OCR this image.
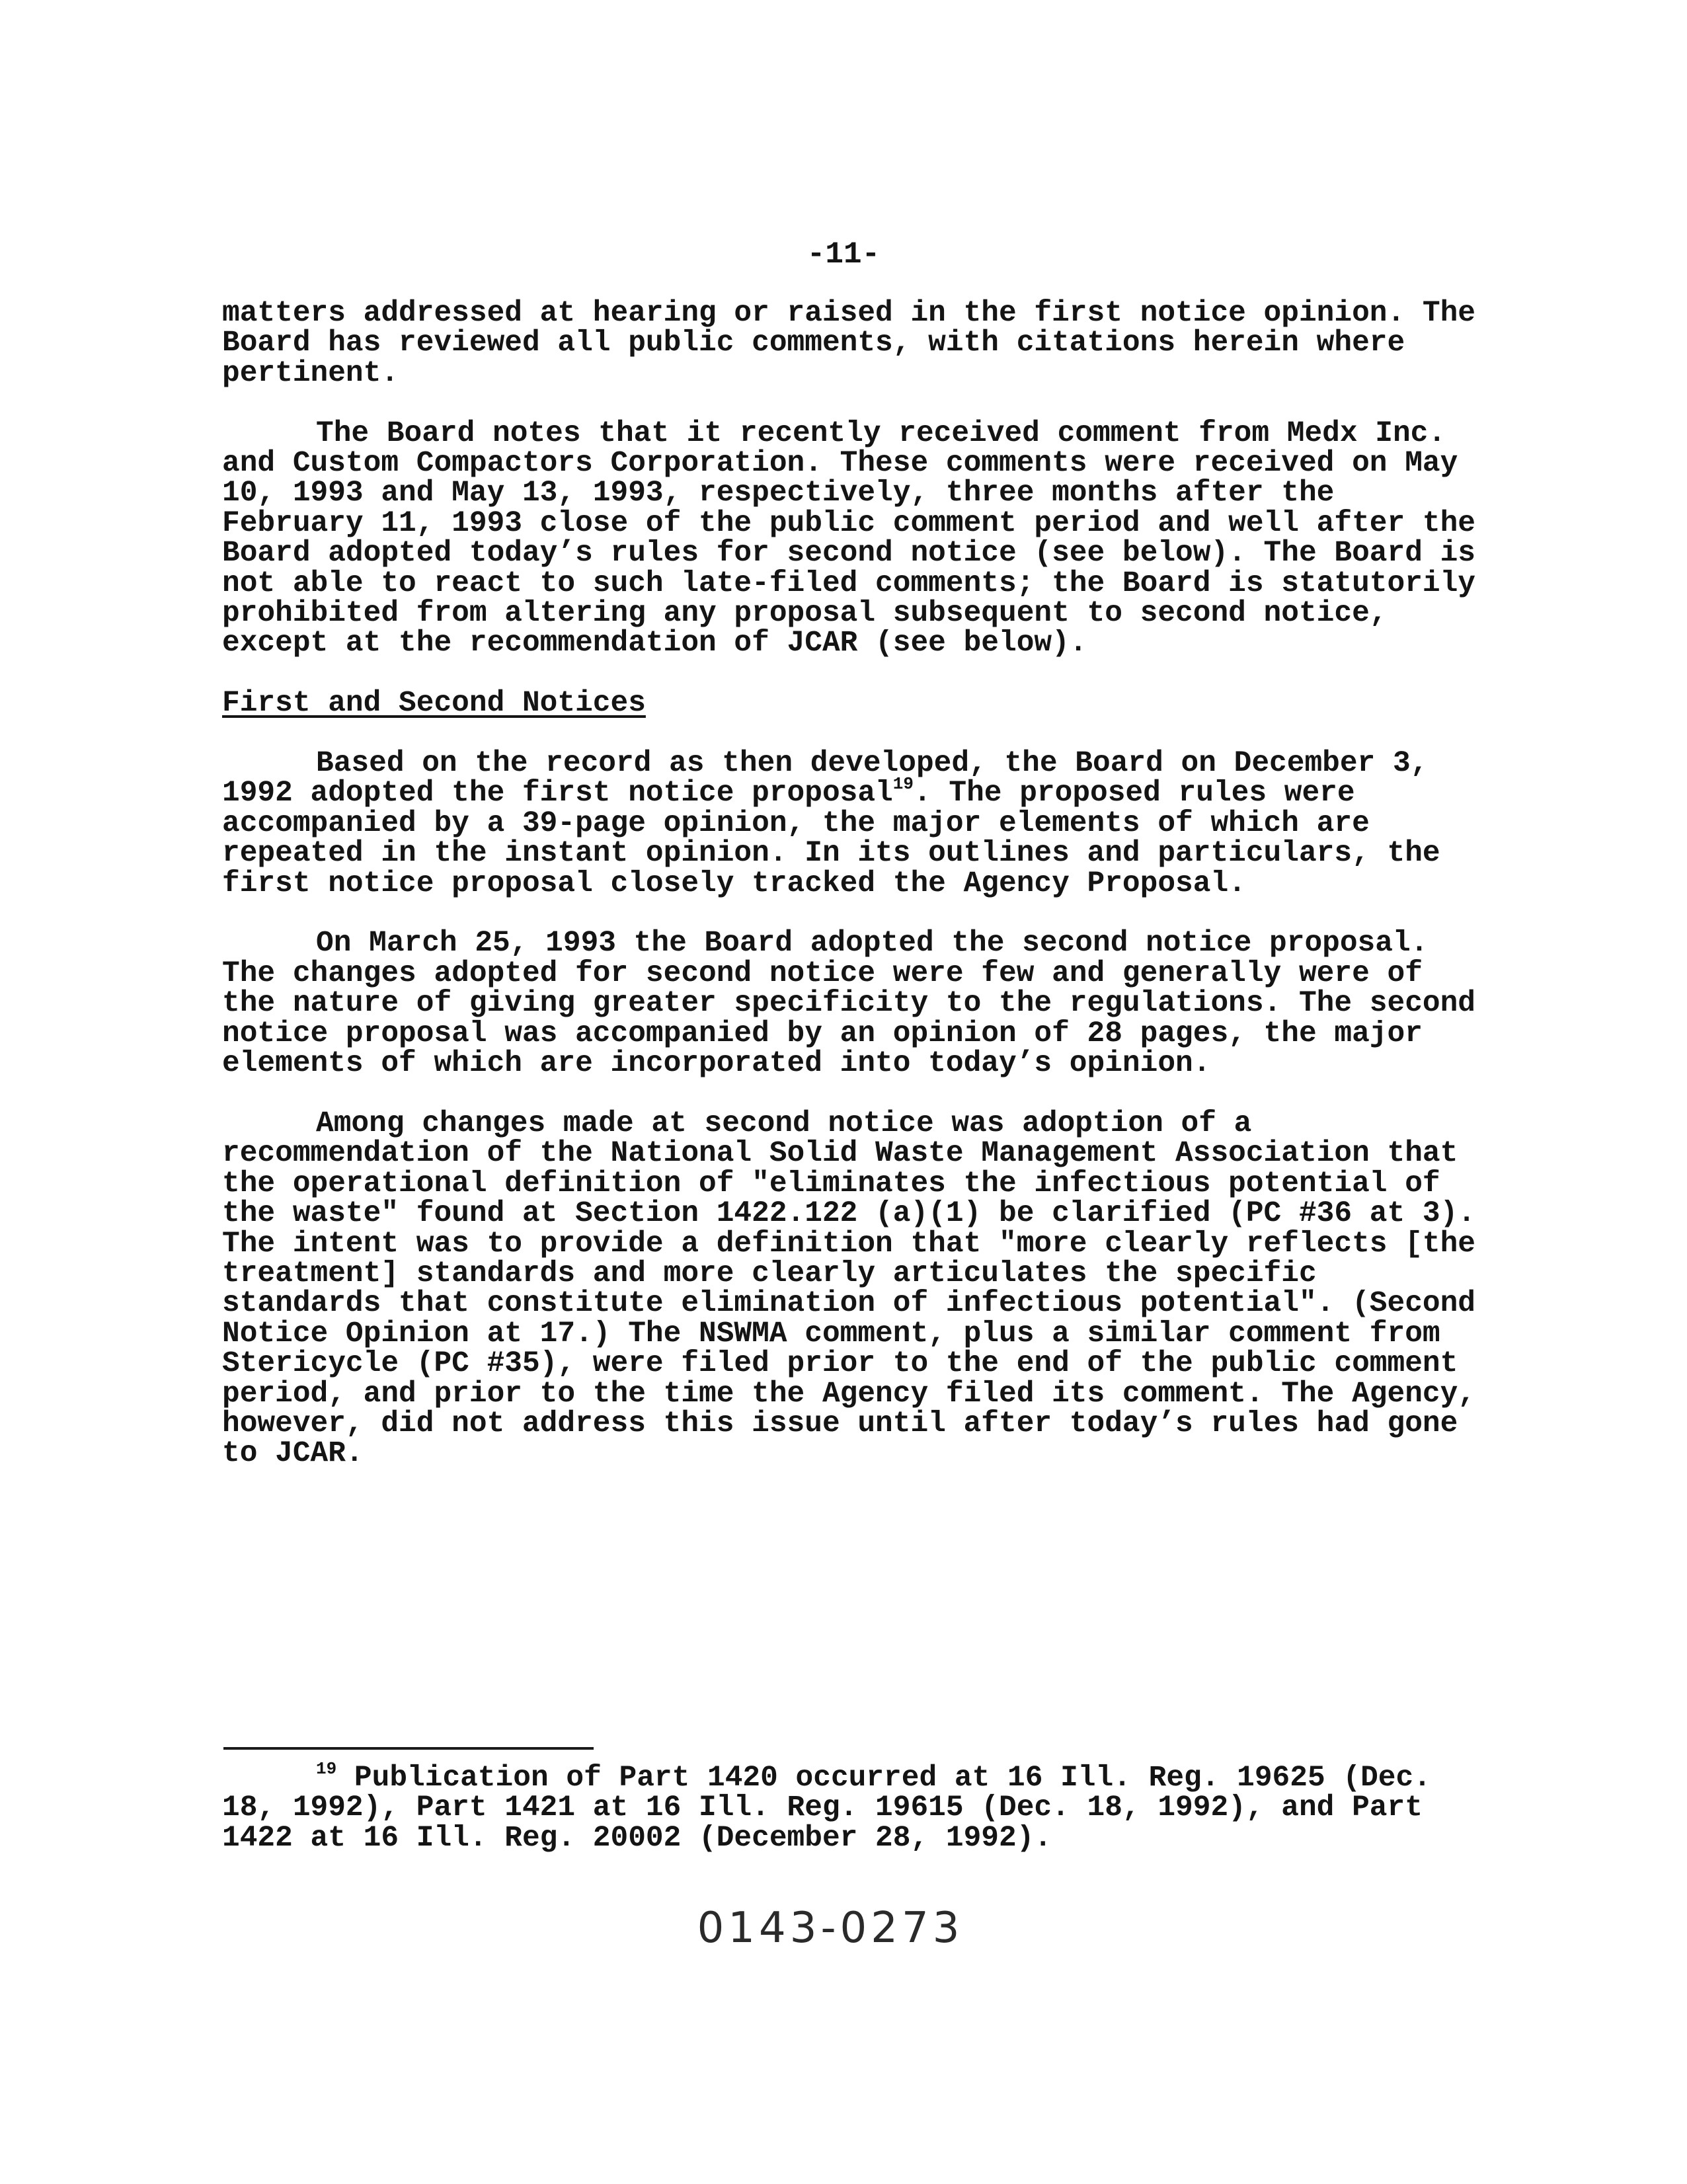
-11-

matters addressed at hearing or raised in the first notice opinion. The Board has reviewed all public comments, with citations herein where pertinent.

The Board notes that it recently received comment from Medx Inc. and Custom Compactors Corporation. These comments were received on May 10, 1993 and May 13, 1993, respectively, three months after the February 11, 1993 close of the public comment period and well after the Board adopted today’s rules for second notice (see below). The Board is not able to react to such late-filed comments; the Board is statutorily prohibited from altering any proposal subsequent to second notice, except at the recommendation of JCAR (see below).

First and Second Notices

Based on the record as then developed, the Board on December 3, 1992 adopted the first notice proposal$^{19}$. The proposed rules were accompanied by a 39-page opinion, the major elements of which are repeated in the instant opinion. In its outlines and particulars, the first notice proposal closely tracked the Agency Proposal.

On March 25, 1993 the Board adopted the second notice proposal. The changes adopted for second notice were few and generally were of the nature of giving greater specificity to the regulations. The second notice proposal was accompanied by an opinion of 28 pages, the major elements of which are incorporated into today’s opinion.

Among changes made at second notice was adoption of a recommendation of the National Solid Waste Management Association that the operational definition of "eliminates the infectious potential of the waste" found at Section 1422.122 (a)(1) be clarified (PC #36 at 3). The intent was to provide a definition that "more clearly reflects [the treatment] standards and more clearly articulates the specific standards that constitute elimination of infectious potential". (Second Notice Opinion at 17.) The NSWMA comment, plus a similar comment from Stericycle (PC #35), were filed prior to the end of the public comment period, and prior to the time the Agency filed its comment. The Agency, however, did not address this issue until after today’s rules had gone to JCAR.

$^{19}$ Publication of Part 1420 occurred at 16 Ill. Reg. 19625 (Dec. 18, 1992), Part 1421 at 16 Ill. Reg. 19615 (Dec. 18, 1992), and Part 1422 at 16 Ill. Reg. 20002 (December 28, 1992).

0143-0273
